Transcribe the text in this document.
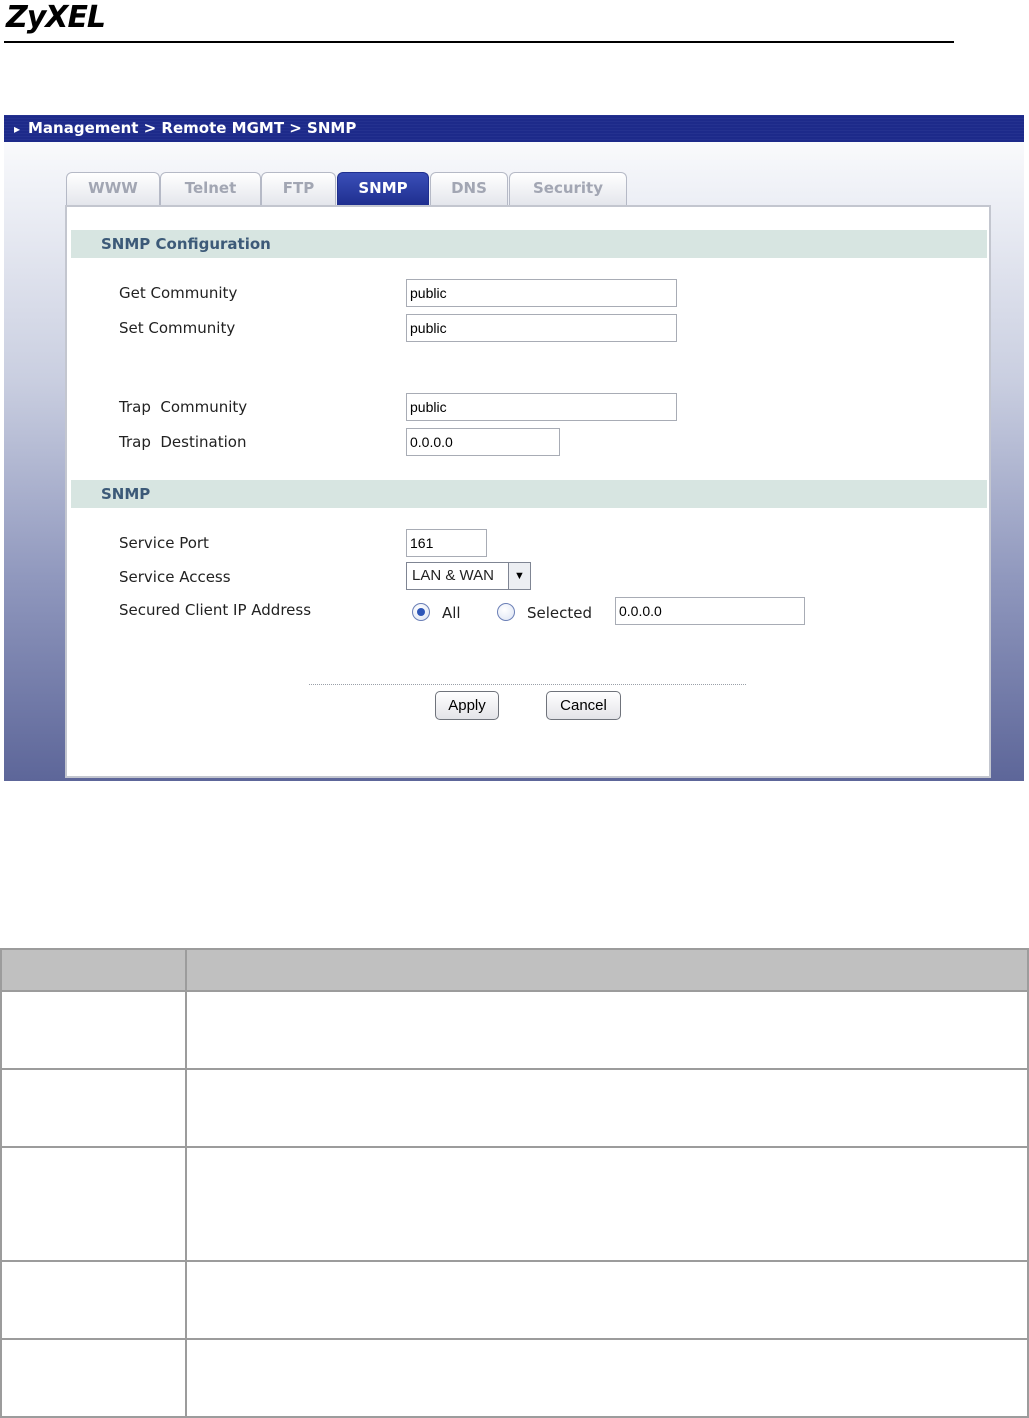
ZyXEL
▸ Management > Remote MGMT > SNMP
WWW	Telnet	FTP	SNMP	DNS	Security
SNMP Configuration
Get Community	public
Set Community	public
Trap  Community	public
Trap  Destination	0.0.0.0
SNMP
Service Port	161
Service Access	LAN & WAN	▼
Secured Client IP Address	All	Selected 0.0.0.0
Apply	Cancel
